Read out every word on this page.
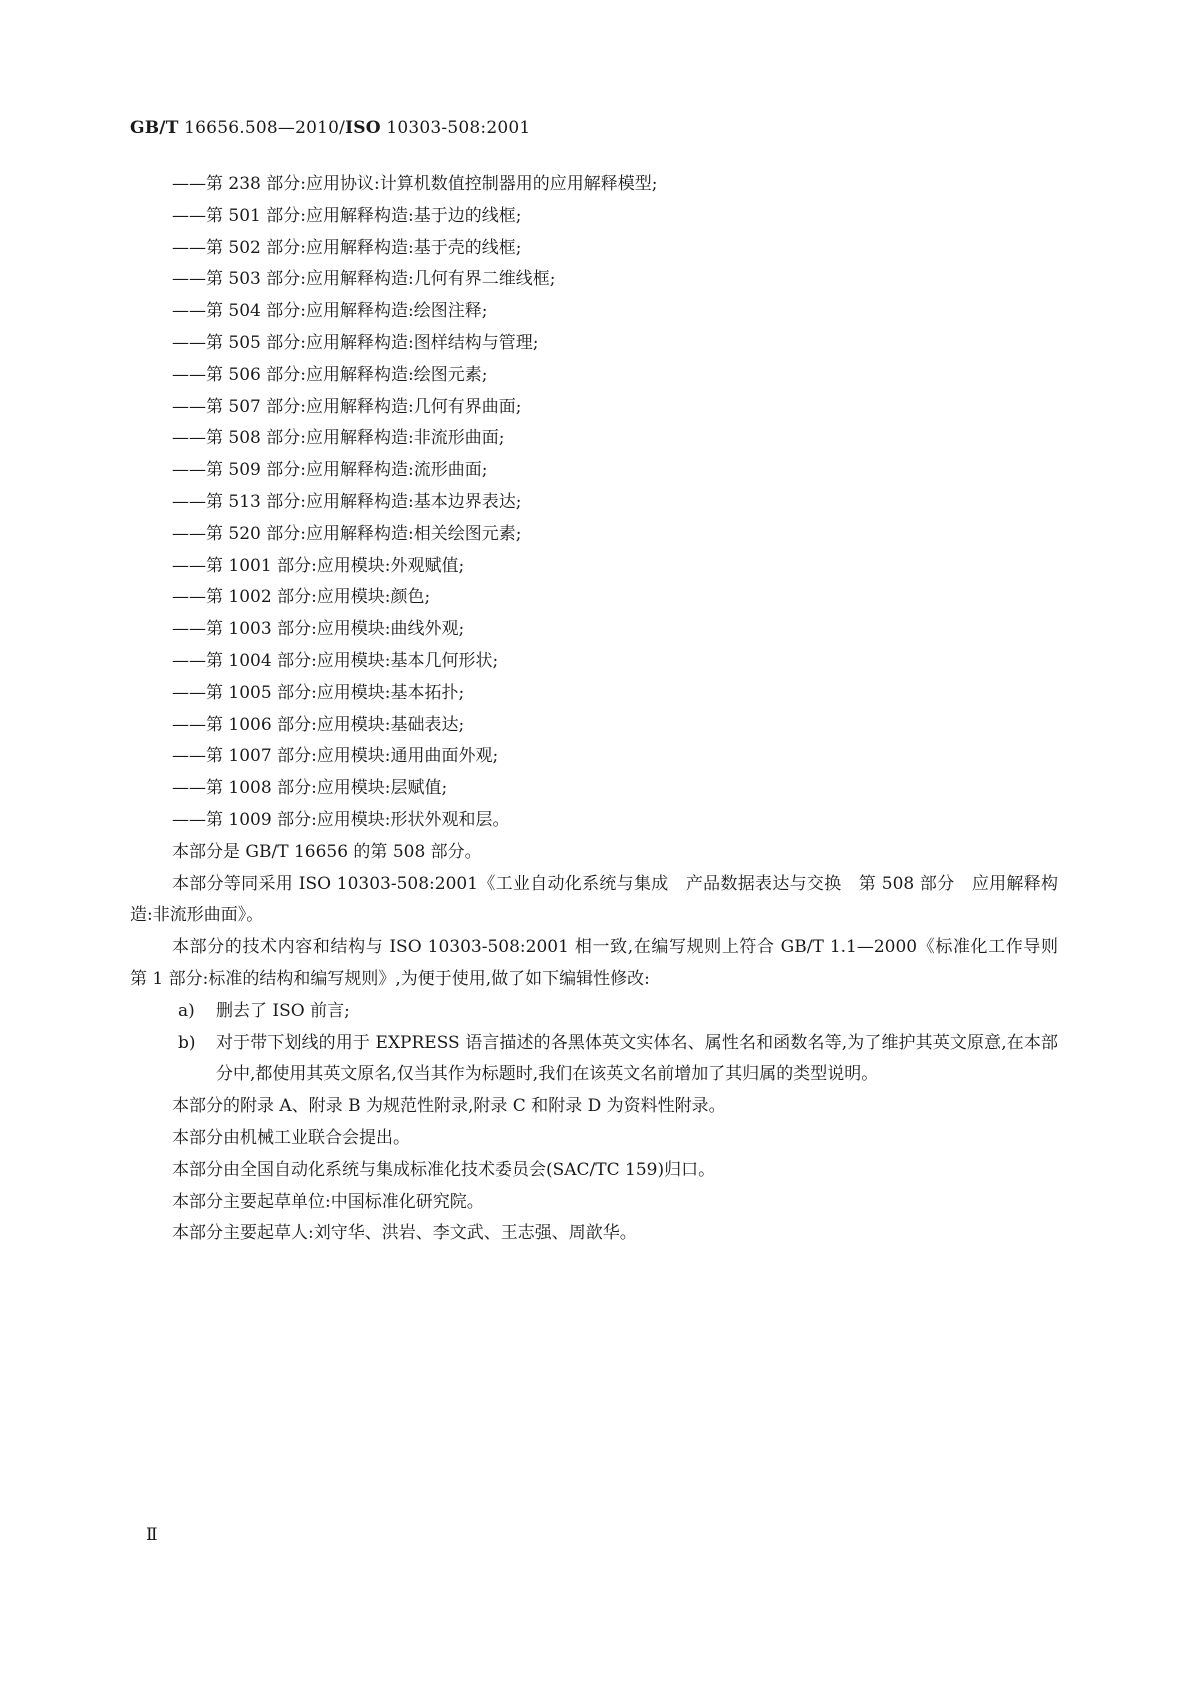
GB/T 16656.508—2010/ISO 10303-508:2001
——第 238 部分:应用协议:计算机数值控制器用的应用解释模型;
——第 501 部分:应用解释构造:基于边的线框;
——第 502 部分:应用解释构造:基于壳的线框;
——第 503 部分:应用解释构造:几何有界二维线框;
——第 504 部分:应用解释构造:绘图注释;
——第 505 部分:应用解释构造:图样结构与管理;
——第 506 部分:应用解释构造:绘图元素;
——第 507 部分:应用解释构造:几何有界曲面;
——第 508 部分:应用解释构造:非流形曲面;
——第 509 部分:应用解释构造:流形曲面;
——第 513 部分:应用解释构造:基本边界表达;
——第 520 部分:应用解释构造:相关绘图元素;
——第 1001 部分:应用模块:外观赋值;
——第 1002 部分:应用模块:颜色;
——第 1003 部分:应用模块:曲线外观;
——第 1004 部分:应用模块:基本几何形状;
——第 1005 部分:应用模块:基本拓扑;
——第 1006 部分:应用模块:基础表达;
——第 1007 部分:应用模块:通用曲面外观;
——第 1008 部分:应用模块:层赋值;
——第 1009 部分:应用模块:形状外观和层。
本部分是 GB/T 16656 的第 508 部分。
本部分等同采用 ISO 10303-508:2001《工业自动化系统与集成　产品数据表达与交换　第 508 部分　应用解释构造:非流形曲面》。
本部分的技术内容和结构与 ISO 10303-508:2001 相一致,在编写规则上符合 GB/T 1.1—2000《标准化工作导则　第 1 部分:标准的结构和编写规则》,为便于使用,做了如下编辑性修改:
a) 删去了 ISO 前言;
b) 对于带下划线的用于 EXPRESS 语言描述的各黑体英文实体名、属性名和函数名等,为了维护其英文原意,在本部分中,都使用其英文原名,仅当其作为标题时,我们在该英文名前增加了其归属的类型说明。
本部分的附录 A、附录 B 为规范性附录,附录 C 和附录 D 为资料性附录。
本部分由机械工业联合会提出。
本部分由全国自动化系统与集成标准化技术委员会(SAC/TC 159)归口。
本部分主要起草单位:中国标准化研究院。
本部分主要起草人:刘守华、洪岩、李文武、王志强、周歆华。
Ⅱ
